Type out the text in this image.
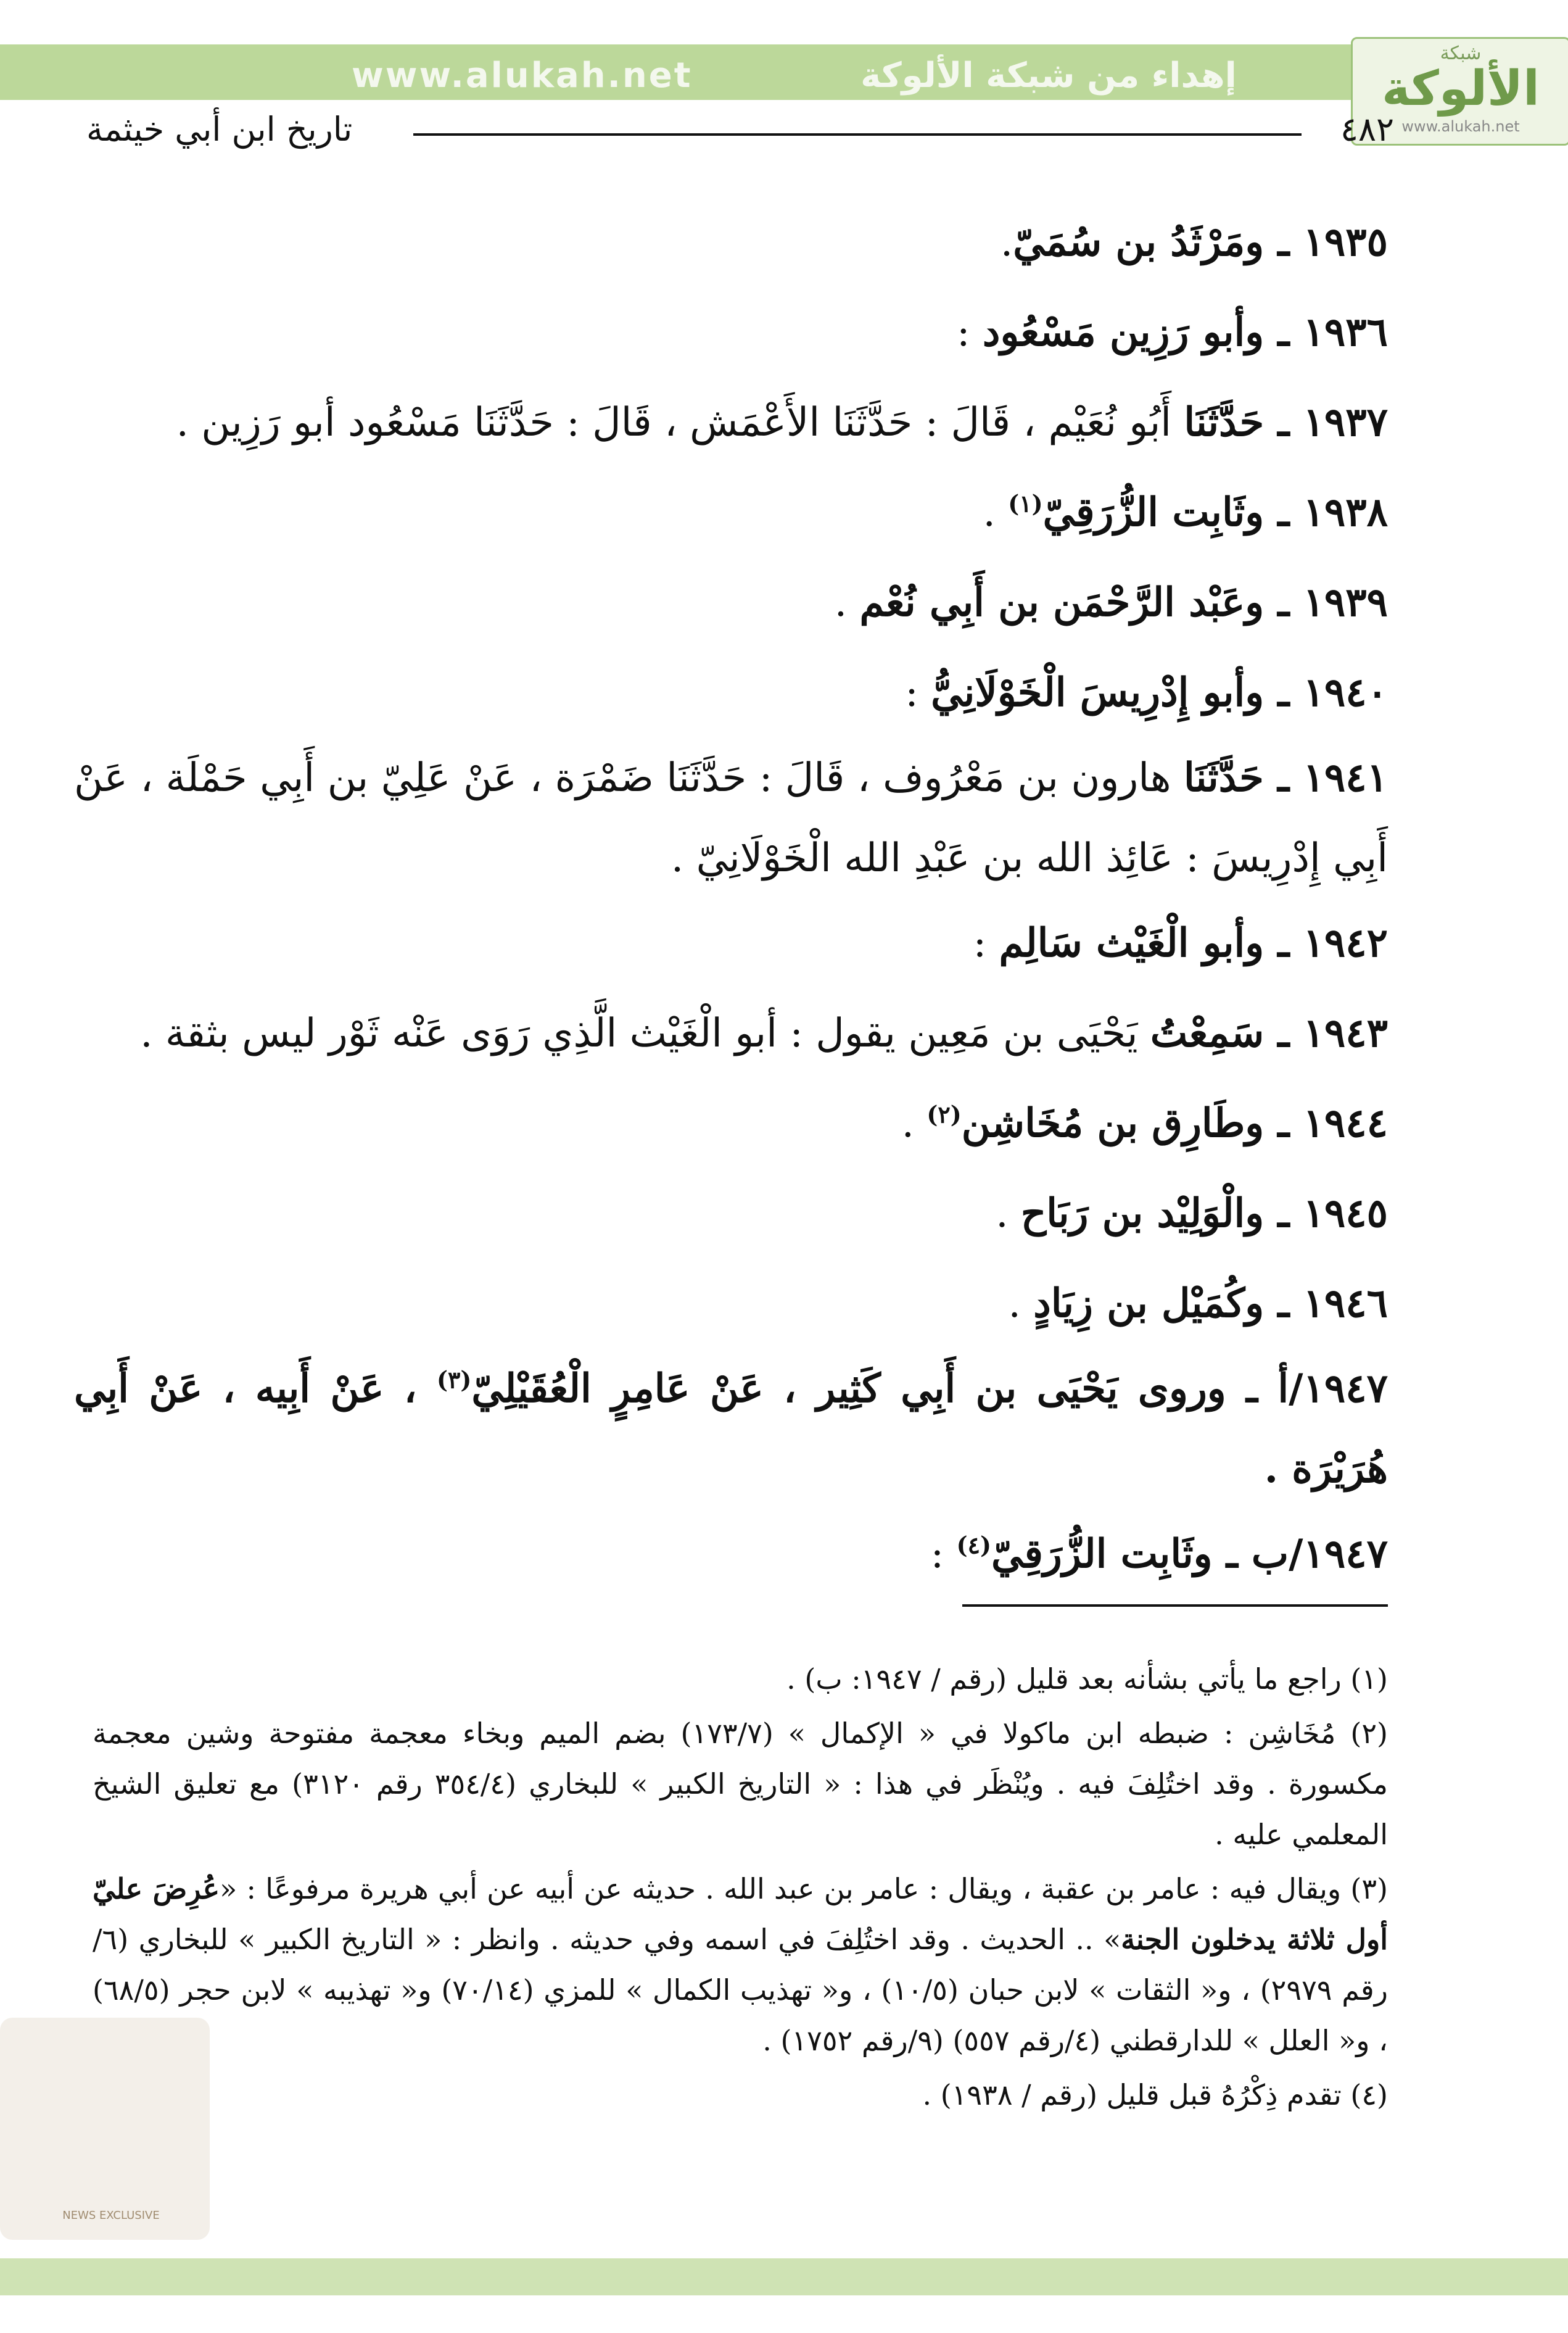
www.alukah.net	إهداء من شبكة الألوكة
شبكة
الألوكة
www.alukah.net
تاريخ ابن أبي خيثمة	٤٨٢

١٩٣٥ ـ ومَرْثَدُ بن سُمَيّ.

١٩٣٦ ـ وأبو رَزِين مَسْعُود :

١٩٣٧ ـ حَدَّثَنَا أَبُو نُعَيْم ، قَالَ : حَدَّثَنَا الأَعْمَش ، قَالَ : حَدَّثَنَا مَسْعُود أبو رَزِين .

١٩٣٨ ـ وثَابِت الزُّرَقِيّ$^{(١)}$ .

١٩٣٩ ـ وعَبْد الرَّحْمَن بن أَبِي نُعْم .

١٩٤٠ ـ وأبو إِدْرِيسَ الْخَوْلَانِيُّ :

١٩٤١ ـ حَدَّثَنَا هارون بن مَعْرُوف ، قَالَ : حَدَّثَنَا ضَمْرَة ، عَنْ عَلِيّ بن أَبِي حَمْلَة ، عَنْ أَبِي إِدْرِيسَ : عَائِذ الله بن عَبْدِ الله الْخَوْلَانِيّ .

١٩٤٢ ـ وأبو الْغَيْث سَالِم :

١٩٤٣ ـ سَمِعْتُ يَحْيَى بن مَعِين يقول : أبو الْغَيْث الَّذِي رَوَى عَنْه ثَوْر ليس بثقة .

١٩٤٤ ـ وطَارِق بن مُخَاشِن$^{(٢)}$ .

١٩٤٥ ـ والْوَلِيْد بن رَبَاح .

١٩٤٦ ـ وكُمَيْل بن زِيَادٍ .

١٩٤٧/أ ـ وروى يَحْيَى بن أَبِي كَثِير ، عَنْ عَامِرٍ الْعُقَيْلِيّ$^{(٣)}$ ، عَنْ أَبِيه ، عَنْ أَبِي هُرَيْرَة .

١٩٤٧/ب ـ وثَابِت الزُّرَقِيّ$^{(٤)}$ :

(١) راجع ما يأتي بشأنه بعد قليل (رقم / ١٩٤٧: ب) .

(٢) مُخَاشِن : ضبطه ابن ماكولا في « الإكمال » (١٧٣/٧) بضم الميم وبخاء معجمة مفتوحة وشين معجمة مكسورة . وقد اختُلِفَ فيه . ويُنْظَر في هذا : « التاريخ الكبير » للبخاري (٣٥٤/٤ رقم ٣١٢٠) مع تعليق الشيخ المعلمي عليه .

(٣) ويقال فيه : عامر بن عقبة ، ويقال : عامر بن عبد الله . حديثه عن أبيه عن أبي هريرة مرفوعًا : «عُرِضَ عليّ أول ثلاثة يدخلون الجنة» .. الحديث . وقد اختُلِفَ في اسمه وفي حديثه . وانظر : « التاريخ الكبير » للبخاري (٦/رقم ٢٩٧٩) ، و« الثقات » لابن حبان (١٠/٥) ، و« تهذيب الكمال » للمزي (٧٠/١٤) و« تهذيبه » لابن حجر (٦٨/٥) ، و« العلل » للدارقطني (٤/رقم ٥٥٧) (٩/رقم ١٧٥٢) .

(٤) تقدم ذِكْرُهُ قبل قليل (رقم / ١٩٣٨) .

NEWS EXCLUSIVE
